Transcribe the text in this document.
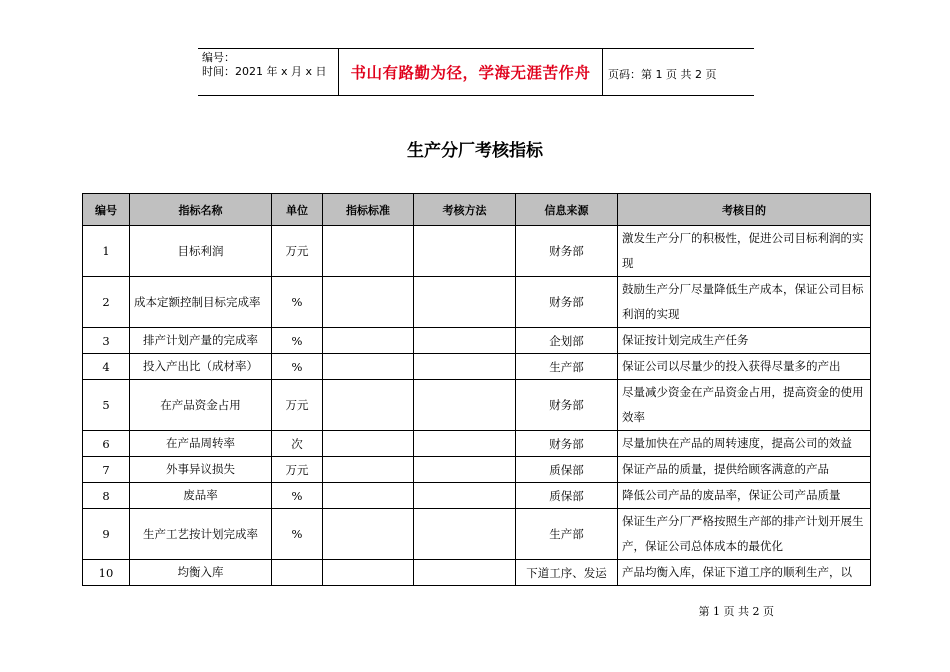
编号：
时间：2021 年 x 月 x 日	书山有路勤为径，学海无涯苦作舟	页码：第 1 页 共 2 页
生产分厂考核指标
编号	指标名称	单位	指标标准	考核方法	信息来源	考核目的
1	目标利润	万元			财务部	激发生产分厂的积极性，促进公司目标利润的实现
2	成本定额控制目标完成率	%			财务部	鼓励生产分厂尽量降低生产成本，保证公司目标利润的实现
3	排产计划产量的完成率	%			企划部	保证按计划完成生产任务
4	投入产出比（成材率）	%			生产部	保证公司以尽量少的投入获得尽量多的产出
5	在产品资金占用	万元			财务部	尽量减少资金在产品资金占用，提高资金的使用效率
6	在产品周转率	次			财务部	尽量加快在产品的周转速度，提高公司的效益
7	外事异议损失	万元			质保部	保证产品的质量，提供给顾客满意的产品
8	废品率	%			质保部	降低公司产品的废品率，保证公司产品质量
9	生产工艺按计划完成率	%			生产部	保证生产分厂严格按照生产部的排产计划开展生产，保证公司总体成本的最优化
10	均衡入库				下道工序、发运	产品均衡入库，保证下道工序的顺利生产，以
第 1 页 共 2 页
